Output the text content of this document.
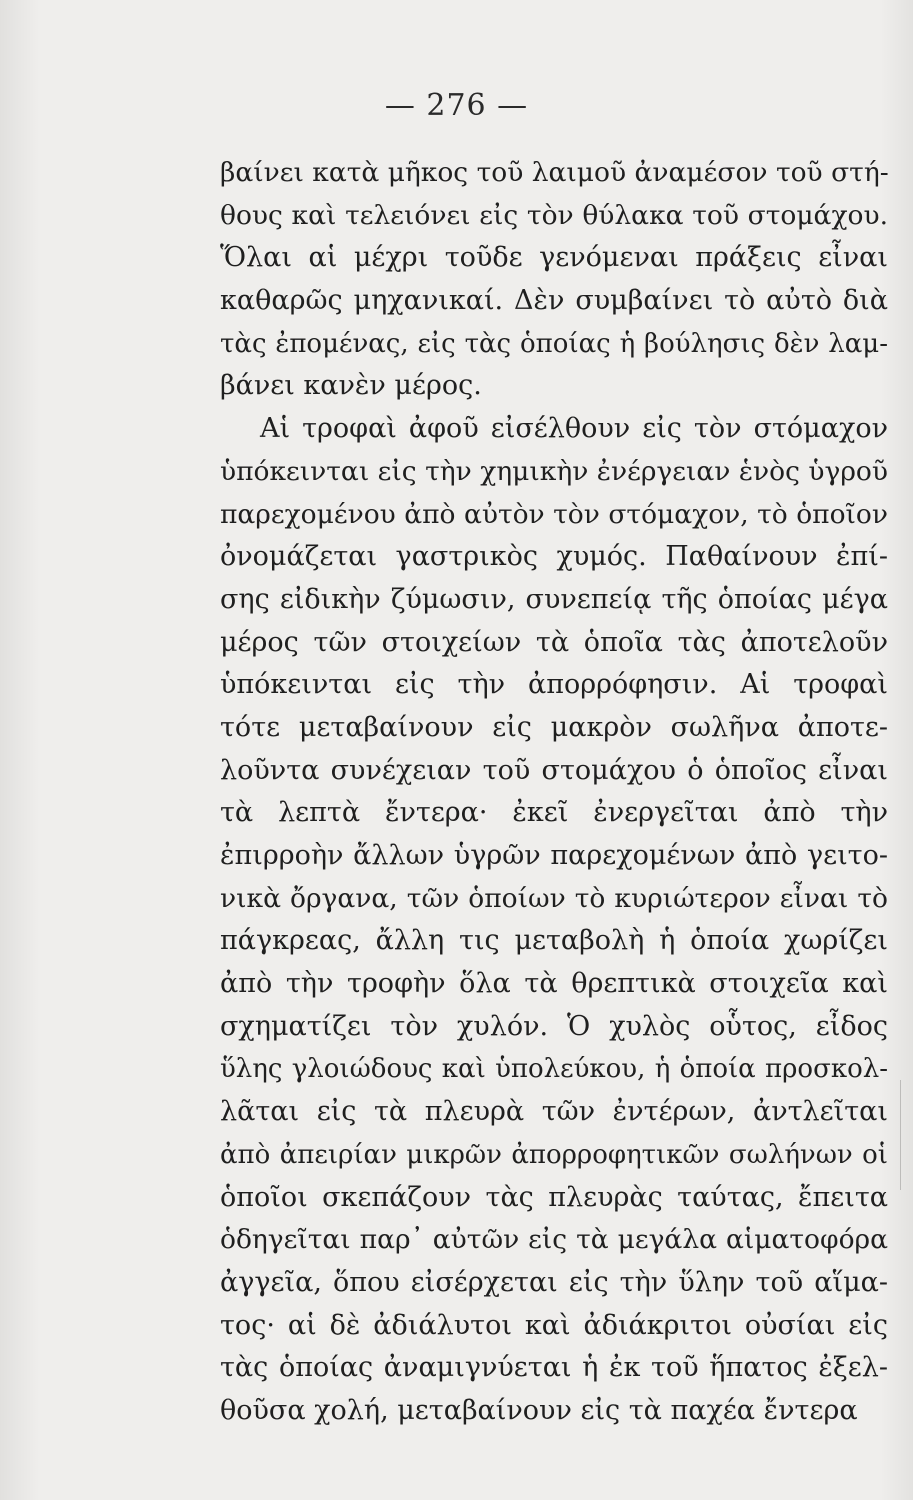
— 276 —
βαίνει κατὰ μῆκος τοῦ λαιμοῦ ἀναμέσον τοῦ στή-
θους καὶ τελειόνει εἰς τὸν θύλακα τοῦ στομάχου.
Ὅλαι αἱ μέχρι τοῦδε γενόμεναι πράξεις εἶναι
καθαρῶς μηχανικαί. Δὲν συμβαίνει τὸ αὐτὸ διὰ
τὰς ἐπομένας, εἰς τὰς ὁποίας ἡ βούλησις δὲν λαμ-
βάνει κανὲν μέρος.
Αἱ τροφαὶ ἀφοῦ εἰσέλθουν εἰς τὸν στόμαχον
ὑπόκεινται εἰς τὴν χημικὴν ἐνέργειαν ἑνὸς ὑγροῦ
παρεχομένου ἀπὸ αὐτὸν τὸν στόμαχον, τὸ ὁποῖον
ὀνομάζεται γαστρικὸς χυμός. Παθαίνουν ἐπί-
σης εἰδικὴν ζύμωσιν, συνεπείᾳ τῆς ὁποίας μέγα
μέρος τῶν στοιχείων τὰ ὁποῖα τὰς ἀποτελοῦν
ὑπόκεινται εἰς τὴν ἀπορρόφησιν. Αἱ τροφαὶ
τότε μεταβαίνουν εἰς μακρὸν σωλῆνα ἀποτε-
λοῦντα συνέχειαν τοῦ στομάχου ὁ ὁποῖος εἶναι
τὰ λεπτὰ ἔντερα· ἐκεῖ ἐνεργεῖται ἀπὸ τὴν
ἐπιρροὴν ἄλλων ὑγρῶν παρεχομένων ἀπὸ γειτο-
νικὰ ὄργανα, τῶν ὁποίων τὸ κυριώτερον εἶναι τὸ
πάγκρεας, ἄλλη τις μεταβολὴ ἡ ὁποία χωρίζει
ἀπὸ τὴν τροφὴν ὅλα τὰ θρεπτικὰ στοιχεῖα καὶ
σχηματίζει τὸν χυλόν. Ὁ χυλὸς οὗτος, εἶδος
ὕλης γλοιώδους καὶ ὑπολεύκου, ἡ ὁποία προσκολ-
λᾶται εἰς τὰ πλευρὰ τῶν ἐντέρων, ἀντλεῖται
ἀπὸ ἀπειρίαν μικρῶν ἀπορροφητικῶν σωλήνων οἱ
ὁποῖοι σκεπάζουν τὰς πλευρὰς ταύτας, ἔπειτα
ὁδηγεῖται παρ᾽ αὐτῶν εἰς τὰ μεγάλα αἱματοφόρα
ἀγγεῖα, ὅπου εἰσέρχεται εἰς τὴν ὕλην τοῦ αἵμα-
τος· αἱ δὲ ἀδιάλυτοι καὶ ἀδιάκριτοι οὐσίαι εἰς
τὰς ὁποίας ἀναμιγνύεται ἡ ἐκ τοῦ ἥπατος ἐξελ-
θοῦσα χολή, μεταβαίνουν εἰς τὰ παχέα ἔντερα
